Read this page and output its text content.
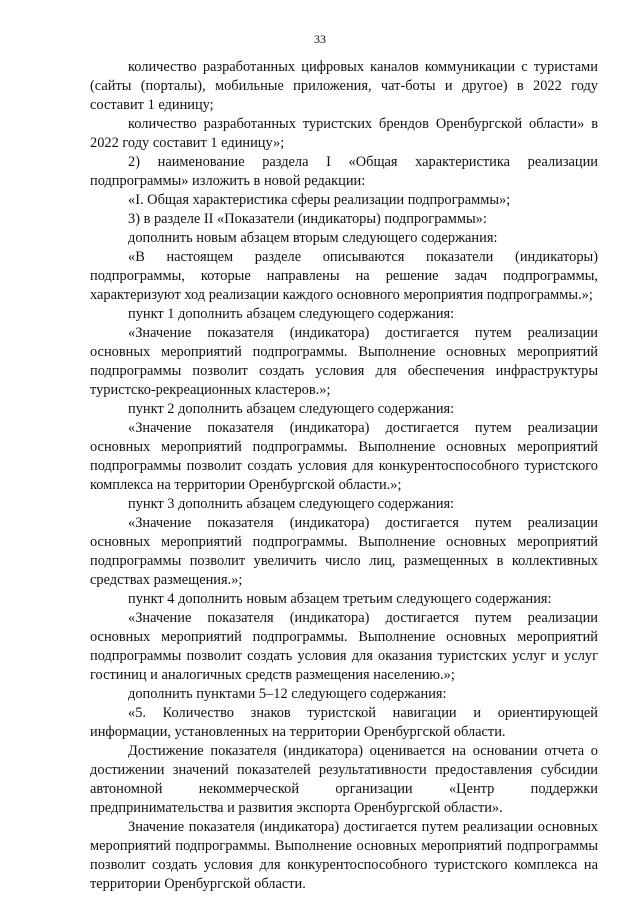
33

количество разработанных цифровых каналов коммуникации с туристами (сайты (порталы), мобильные приложения, чат-боты и другое) в 2022 году составит 1 единицу;

количество разработанных туристских брендов Оренбургской области» в 2022 году составит 1 единицу»;

2) наименование раздела I «Общая характеристика реализации подпрограммы» изложить в новой редакции:

«I. Общая характеристика сферы реализации подпрограммы»;

3) в разделе II «Показатели (индикаторы) подпрограммы»:

дополнить новым абзацем вторым следующего содержания:

«В настоящем разделе описываются показатели (индикаторы) подпрограммы, которые направлены на решение задач подпрограммы, характеризуют ход реализации каждого основного мероприятия подпрограммы.»;

пункт 1 дополнить абзацем следующего содержания:

«Значение показателя (индикатора) достигается путем реализации основных мероприятий подпрограммы. Выполнение основных мероприятий подпрограммы позволит создать условия для обеспечения инфраструктуры туристско-рекреационных кластеров.»;

пункт 2 дополнить абзацем следующего содержания:

«Значение показателя (индикатора) достигается путем реализации основных мероприятий подпрограммы. Выполнение основных мероприятий подпрограммы позволит создать условия для конкурентоспособного туристского комплекса на территории Оренбургской области.»;

пункт 3 дополнить абзацем следующего содержания:

«Значение показателя (индикатора) достигается путем реализации основных мероприятий подпрограммы. Выполнение основных мероприятий подпрограммы позволит увеличить число лиц, размещенных в коллективных средствах размещения.»;

пункт 4 дополнить новым абзацем третьим следующего содержания:

«Значение показателя (индикатора) достигается путем реализации основных мероприятий подпрограммы. Выполнение основных мероприятий подпрограммы позволит создать условия для оказания туристских услуг и услуг гостиниц и аналогичных средств размещения населению.»;

дополнить пунктами 5–12 следующего содержания:

«5. Количество знаков туристской навигации и ориентирующей информации, установленных на территории Оренбургской области.

Достижение показателя (индикатора) оценивается на основании отчета о достижении значений показателей результативности предоставления субсидии автономной некоммерческой организации «Центр поддержки предпринимательства и развития экспорта Оренбургской области».

Значение показателя (индикатора) достигается путем реализации основных мероприятий подпрограммы. Выполнение основных мероприятий подпрограммы позволит создать условия для конкурентоспособного туристского комплекса на территории Оренбургской области.
